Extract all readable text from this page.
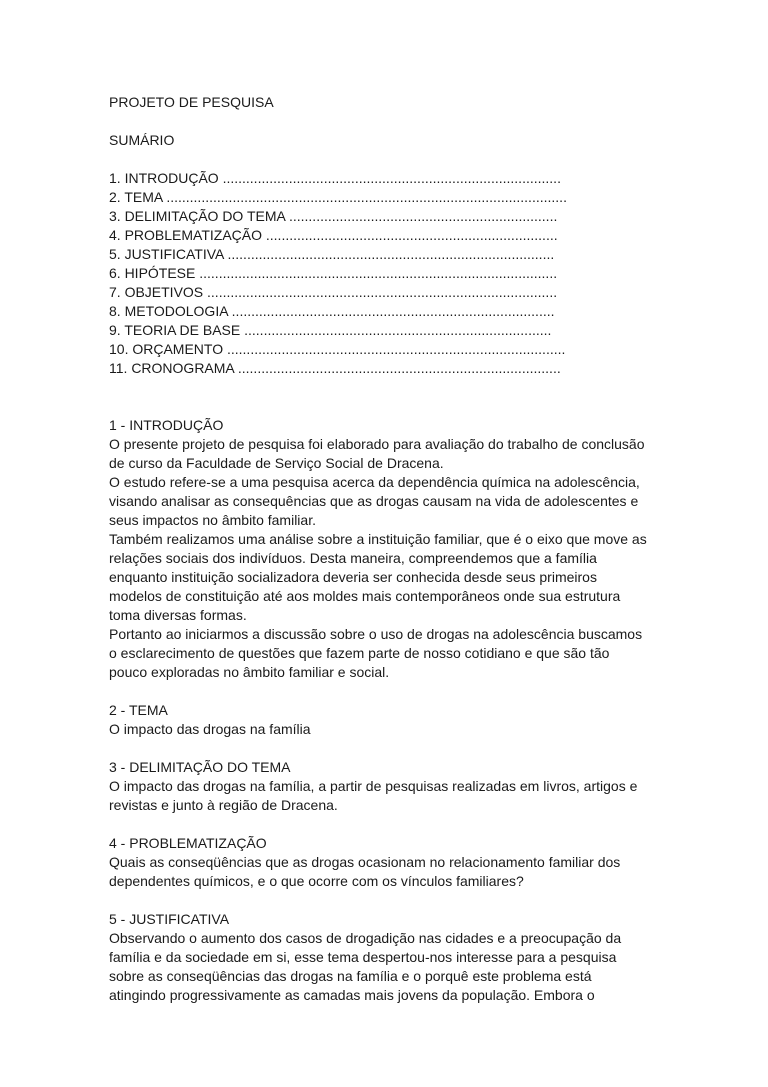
PROJETO DE PESQUISA

SUMÁRIO

1. INTRODUÇÃO .......................................................................................
2. TEMA .......................................................................................................
3. DELIMITAÇÃO DO TEMA .....................................................................
4. PROBLEMATIZAÇÃO ...........................................................................
5. JUSTIFICATIVA ....................................................................................
6. HIPÓTESE ............................................................................................
7. OBJETIVOS ..........................................................................................
8. METODOLOGIA ...................................................................................
9. TEORIA DE BASE ...............................................................................
10. ORÇAMENTO .......................................................................................
11. CRONOGRAMA ...................................................................................

1 - INTRODUÇÃO

O presente projeto de pesquisa foi elaborado para avaliação do trabalho de conclusão

de curso da Faculdade de Serviço Social de Dracena.

O estudo refere-se a uma pesquisa acerca da dependência química na adolescência,

visando analisar as consequências que as drogas causam na vida de adolescentes e

seus impactos no âmbito familiar.

Também realizamos uma análise sobre a instituição familiar, que é o eixo que move as

relações sociais dos indivíduos. Desta maneira, compreendemos que a família

enquanto instituição socializadora deveria ser conhecida desde seus primeiros

modelos de constituição até aos moldes mais contemporâneos onde sua estrutura

toma diversas formas.

Portanto ao iniciarmos a discussão sobre o uso de drogas na adolescência buscamos

o esclarecimento de questões que fazem parte de nosso cotidiano e que são tão

pouco exploradas no âmbito familiar e social.

2 - TEMA

O impacto das drogas na família

3 - DELIMITAÇÃO DO TEMA

O impacto das drogas na família, a partir de pesquisas realizadas em livros, artigos e

revistas e junto à região de Dracena.

4 - PROBLEMATIZAÇÃO

Quais as conseqüências que as drogas ocasionam no relacionamento familiar dos

dependentes químicos, e o que ocorre com os vínculos familiares?

5 - JUSTIFICATIVA

Observando o aumento dos casos de drogadição nas cidades e a preocupação da

família e da sociedade em si, esse tema despertou-nos interesse para a pesquisa

sobre as conseqüências das drogas na família e o porquê este problema está

atingindo progressivamente as camadas mais jovens da população. Embora o
